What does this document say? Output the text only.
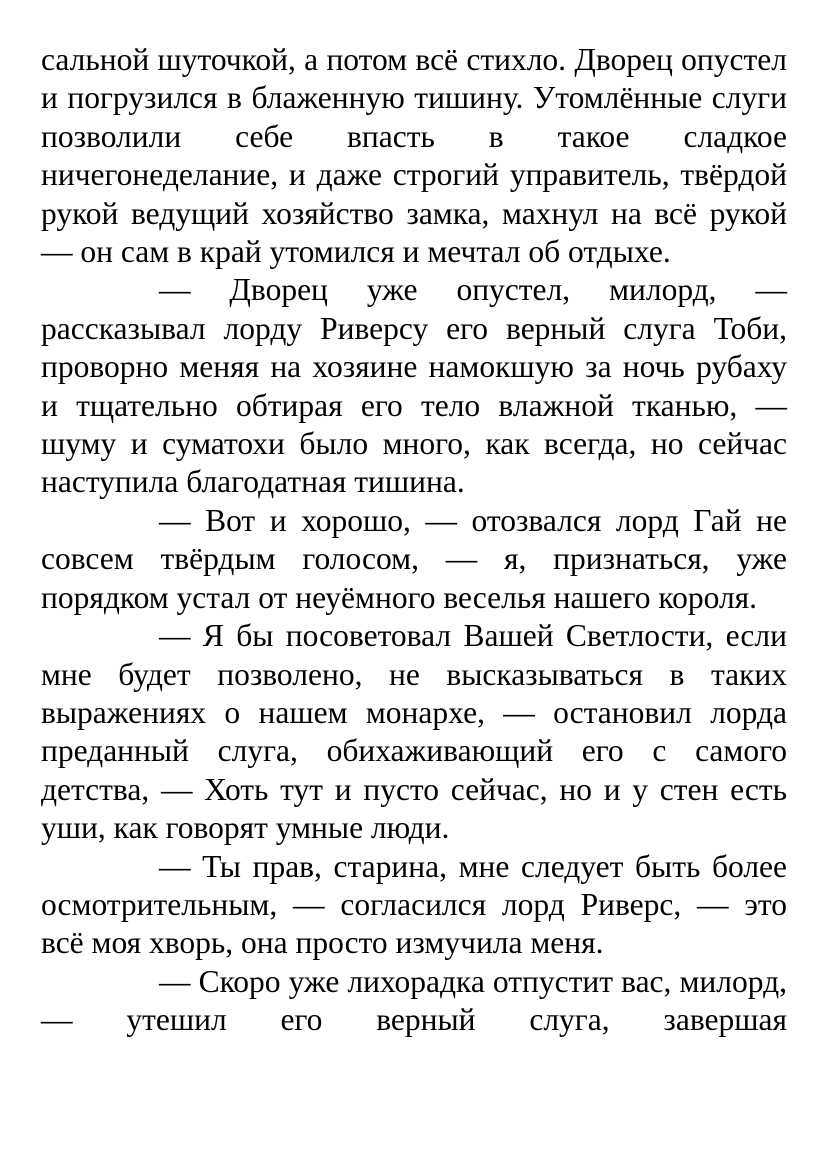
сальной шуточкой, а потом всё стихло. Дворец опустел и погрузился в блаженную тишину. Утомлённые слуги позволили себе впасть в такое сладкое ничегонеделание, и даже строгий управитель, твёрдой рукой ведущий хозяйство замка, махнул на всё рукой — он сам в край утомился и мечтал об отдыхе.

— Дворец уже опустел, милорд, — рассказывал лорду Риверсу его верный слуга Тоби, проворно меняя на хозяине намокшую за ночь рубаху и тщательно обтирая его тело влажной тканью, — шуму и суматохи было много, как всегда, но сейчас наступила благодатная тишина.

— Вот и хорошо, — отозвался лорд Гай не совсем твёрдым голосом, — я, признаться, уже порядком устал от неуёмного веселья нашего короля.

— Я бы посоветовал Вашей Светлости, если мне будет позволено, не высказываться в таких выражениях о нашем монархе, — остановил лорда преданный слуга, обихаживающий его с самого детства, — Хоть тут и пусто сейчас, но и у стен есть уши, как говорят умные люди.

— Ты прав, старина, мне следует быть более осмотрительным, — согласился лорд Риверс, — это всё моя хворь, она просто измучила меня.

— Скоро уже лихорадка отпустит вас, милорд, — утешил его верный слуга, завершая
